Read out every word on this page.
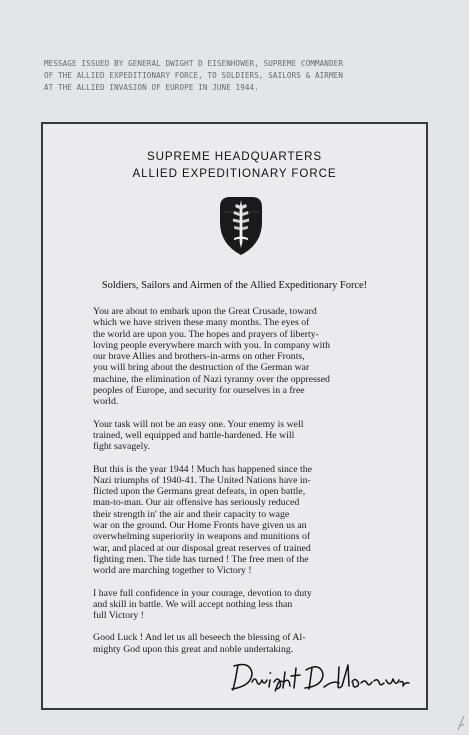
MESSAGE ISSUED BY GENERAL DWIGHT D EISENHOWER, SUPREME COMMANDER
OF THE ALLIED EXPEDITIONARY FORCE, TO SOLDIERS, SAILORS & AIRMEN
AT THE ALLIED INVASION OF EUROPE IN JUNE 1944.
SUPREME HEADQUARTERS
ALLIED EXPEDITIONARY FORCE
Soldiers, Sailors and Airmen of the Allied Expeditionary Force!
You are about to embark upon the Great Crusade, toward
which we have striven these many months. The eyes of
the world are upon you. The hopes and prayers of liberty-
loving people everywhere march with you. In company with
our brave Allies and brothers-in-arms on other Fronts,
you will bring about the destruction of the German war
machine, the elimination of Nazi tyranny over the oppressed
peoples of Europe, and security for ourselves in a free
world.
Your task will not be an easy one. Your enemy is well
trained, well equipped and battle-hardened. He will
fight savagely.
But this is the year 1944 ! Much has happened since the
Nazi triumphs of 1940-41. The United Nations have in-
flicted upon the Germans great defeats, in open battle,
man-to-man. Our air offensive has seriously reduced
their strength in' the air and their capacity to wage
war on the ground. Our Home Fronts have given us an
overwhelming superiority in weapons and munitions of
war, and placed at our disposal great reserves of trained
fighting men. The tide has turned ! The free men of the
world are marching together to Victory !
I have full confidence in your courage, devotion to duty
and skill in battle. We will accept nothing less than
full Victory !
Good Luck ! And let us all beseech the blessing of Al-
mighty God upon this great and noble undertaking.
